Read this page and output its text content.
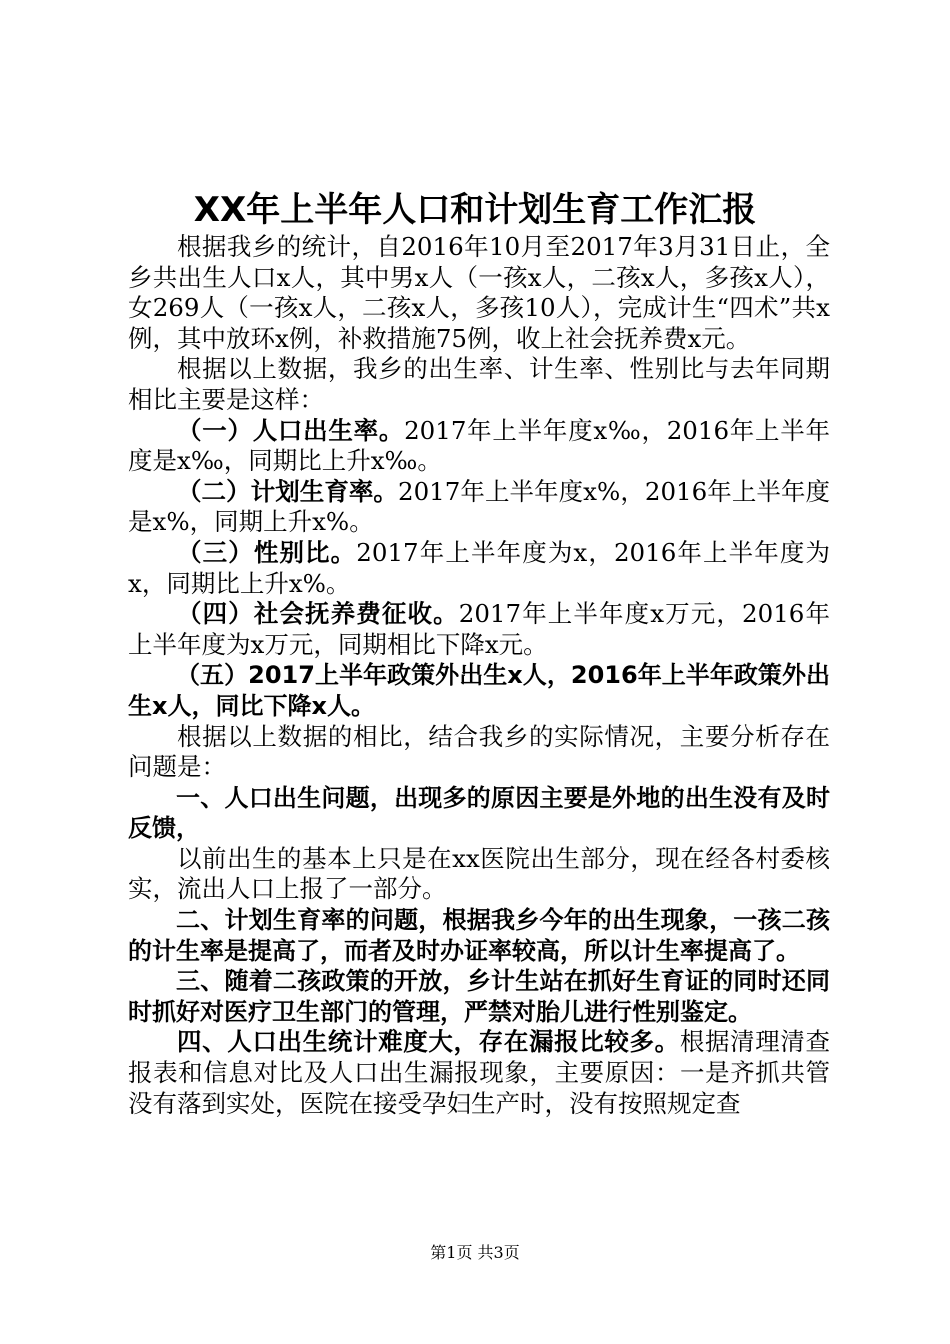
XX年上半年人口和计划生育工作汇报

根据我乡的统计，自2016年10月至2017年3月31日止，全乡共出生人口x人，其中男x人（一孩x人，二孩x人，多孩x人），女269人（一孩x人，二孩x人，多孩10人），完成计生“四术”共x例，其中放环x例，补救措施75例，收上社会抚养费x元。

根据以上数据，我乡的出生率、计生率、性别比与去年同期相比主要是这样：

（一）人口出生率。2017年上半年度x‰，2016年上半年度是x‰，同期比上升x‰。

（二）计划生育率。2017年上半年度x%，2016年上半年度是x%，同期上升x%。

（三）性别比。2017年上半年度为x，2016年上半年度为x，同期比上升x%。

（四）社会抚养费征收。2017年上半年度x万元，2016年上半年度为x万元，同期相比下降x元。

（五）2017上半年政策外出生x人，2016年上半年政策外出生x人，同比下降x人。

根据以上数据的相比，结合我乡的实际情况，主要分析存在问题是：

一、人口出生问题，出现多的原因主要是外地的出生没有及时反馈，

以前出生的基本上只是在xx医院出生部分，现在经各村委核实，流出人口上报了一部分。

二、计划生育率的问题，根据我乡今年的出生现象，一孩二孩的计生率是提高了，而者及时办证率较高，所以计生率提高了。

三、随着二孩政策的开放，乡计生站在抓好生育证的同时还同时抓好对医疗卫生部门的管理，严禁对胎儿进行性别鉴定。

四、人口出生统计难度大，存在漏报比较多。根据清理清查报表和信息对比及人口出生漏报现象，主要原因：一是齐抓共管没有落到实处，医院在接受孕妇生产时，没有按照规定查

第1页 共3页
